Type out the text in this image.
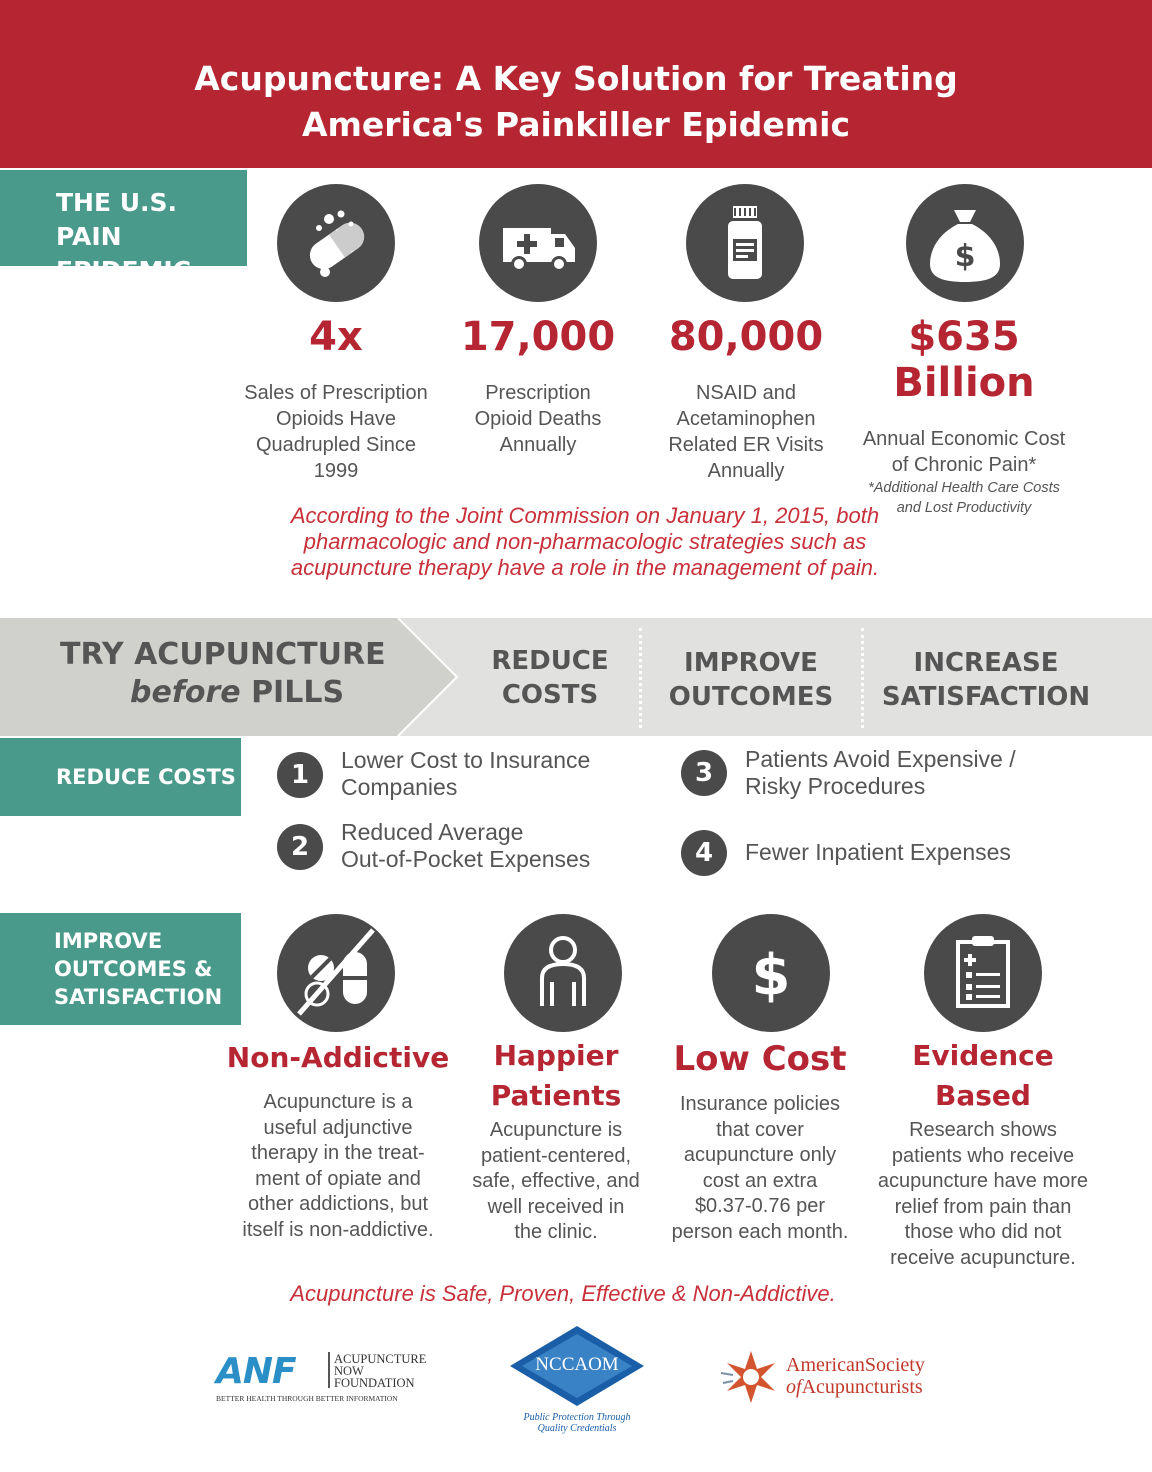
Acupuncture: A Key Solution for Treating
America's Painkiller Epidemic
THE U.S. PAIN
EPIDEMIC	$
4x
Sales of Prescription
Opioids Have
Quadrupled Since
1999
17,000
Prescription
Opioid Deaths
Annually
80,000
NSAID and
Acetaminophen
Related ER Visits
Annually
$635 Billion
Annual Economic Cost
of Chronic Pain*
*Additional Health Care Costs
and Lost Productivity
According to the Joint Commission on January 1, 2015, both
pharmacologic and non-pharmacologic strategies such as
acupuncture therapy have a role in the management of pain.
TRY ACUPUNCTURE
before PILLS
REDUCE
COSTS
IMPROVE
OUTCOMES
INCREASE
SATISFACTION
REDUCE COSTS	1	Lower Cost to Insurance
Companies
2	Reduced Average
Out-of-Pocket Expenses
3	Patients Avoid Expensive /
Risky Procedures
4	Fewer Inpatient Expenses
IMPROVE
OUTCOMES &
SATISFACTION	$
Non-Addictive
Acupuncture is a
useful adjunctive
therapy in the treat-
ment of opiate and
other addictions, but
itself is non-addictive.
Happier
Patients
Acupuncture is
patient-centered,
safe, effective, and
well received in
the clinic.
Low Cost
Insurance policies
that cover
acupuncture only
cost an extra
$0.37-0.76 per
person each month.
Evidence
Based
Research shows
patients who receive
acupuncture have more
relief from pain than
those who did not
receive acupuncture.
Acupuncture is Safe, Proven, Effective & Non-Addictive.
ANF	ACUPUNCTURE
NOW
FOUNDATION
BETTER HEALTH THROUGH BETTER INFORMATION
NCCAOM
Public Protection Through
Quality Credentials
AmericanSociety
ofAcupuncturists
